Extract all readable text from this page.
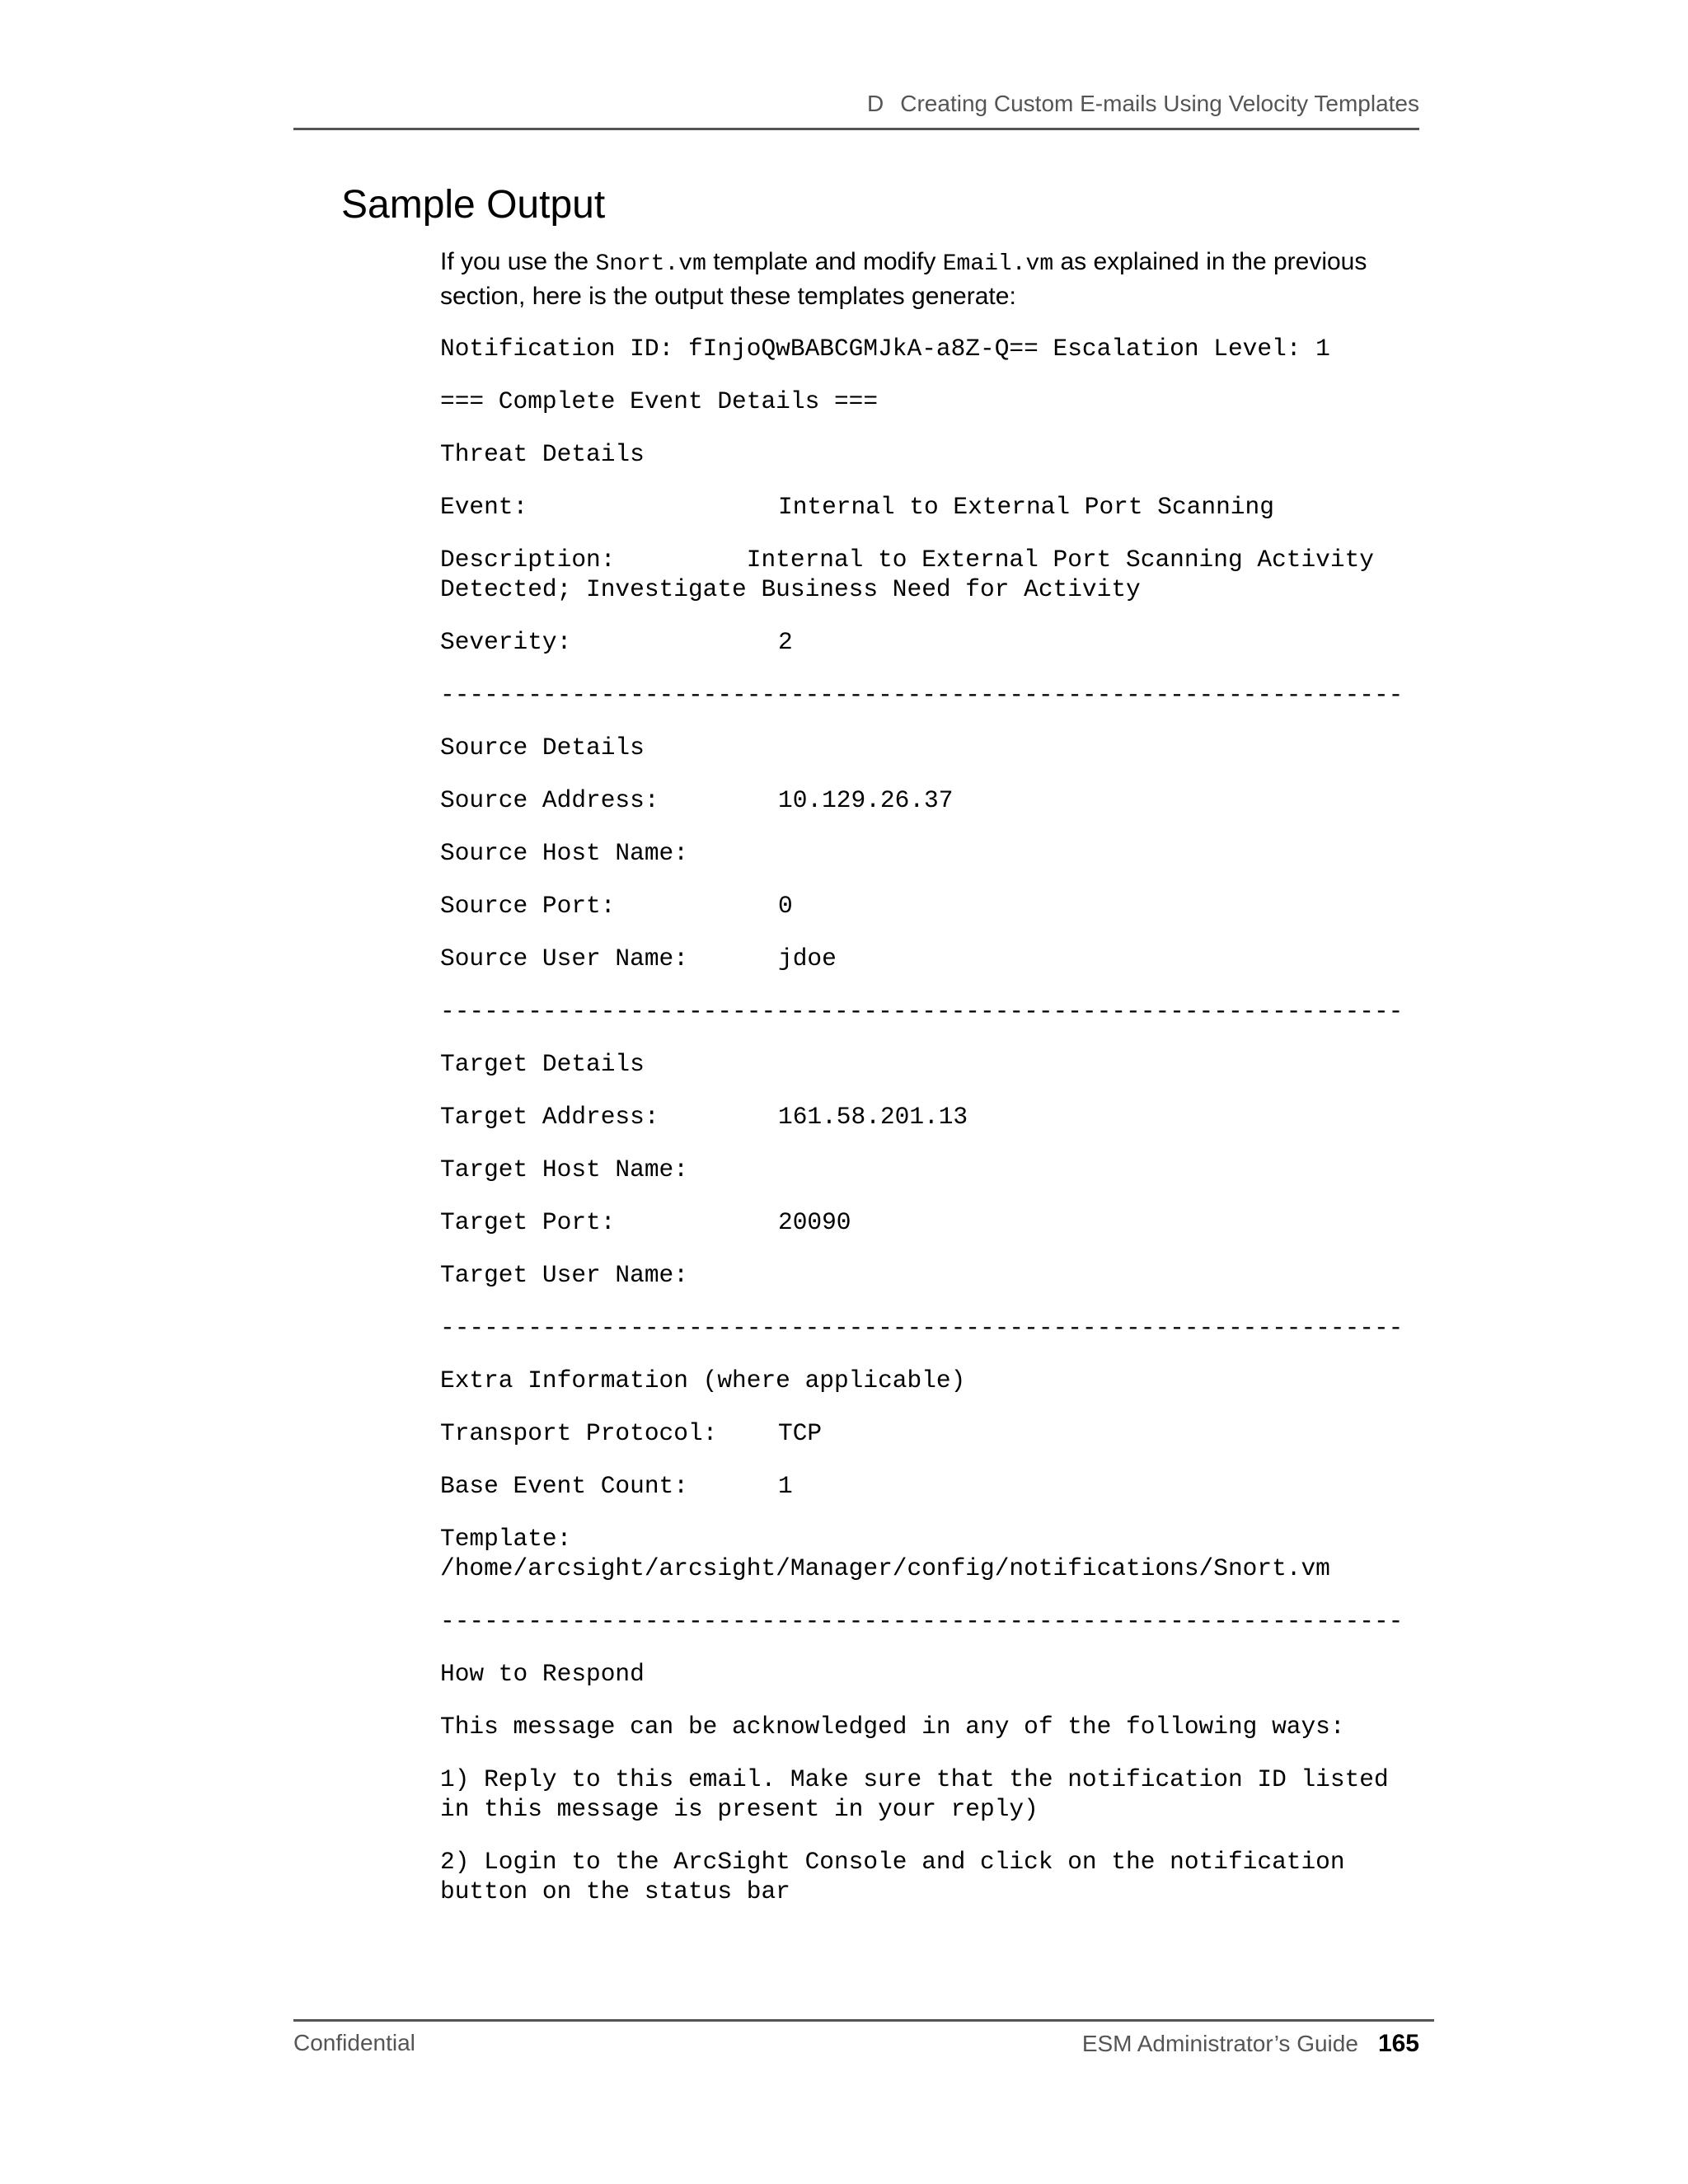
D Creating Custom E-mails Using Velocity Templates
Sample Output

If you use the Snort.vm template and modify Email.vm as explained in the previous section, here is the output these templates generate:

Notification ID: fInjoQwBABCGMJkA-a8Z-Q== Escalation Level: 1
=== Complete Event Details ===
Threat Details
Event:	Internal to External Port Scanning
Description:         Internal to External Port Scanning Activity
Detected; Investigate Business Need for Activity
Severity:	2
------------------------------------------------------------------
Source Details
Source Address:	10.129.26.37
Source Host Name:
Source Port:	0
Source User Name:	jdoe
------------------------------------------------------------------
Target Details
Target Address:	161.58.201.13
Target Host Name:
Target Port:	20090
Target User Name:
------------------------------------------------------------------
Extra Information (where applicable)
Transport Protocol:	TCP
Base Event Count:	1
Template:
/home/arcsight/arcsight/Manager/config/notifications/Snort.vm
------------------------------------------------------------------
How to Respond
This message can be acknowledged in any of the following ways:
1) Reply to this email. Make sure that the notification ID listed
in this message is present in your reply)
2) Login to the ArcSight Console and click on the notification
button on the status bar
Confidential	ESM Administrator’s Guide 165
